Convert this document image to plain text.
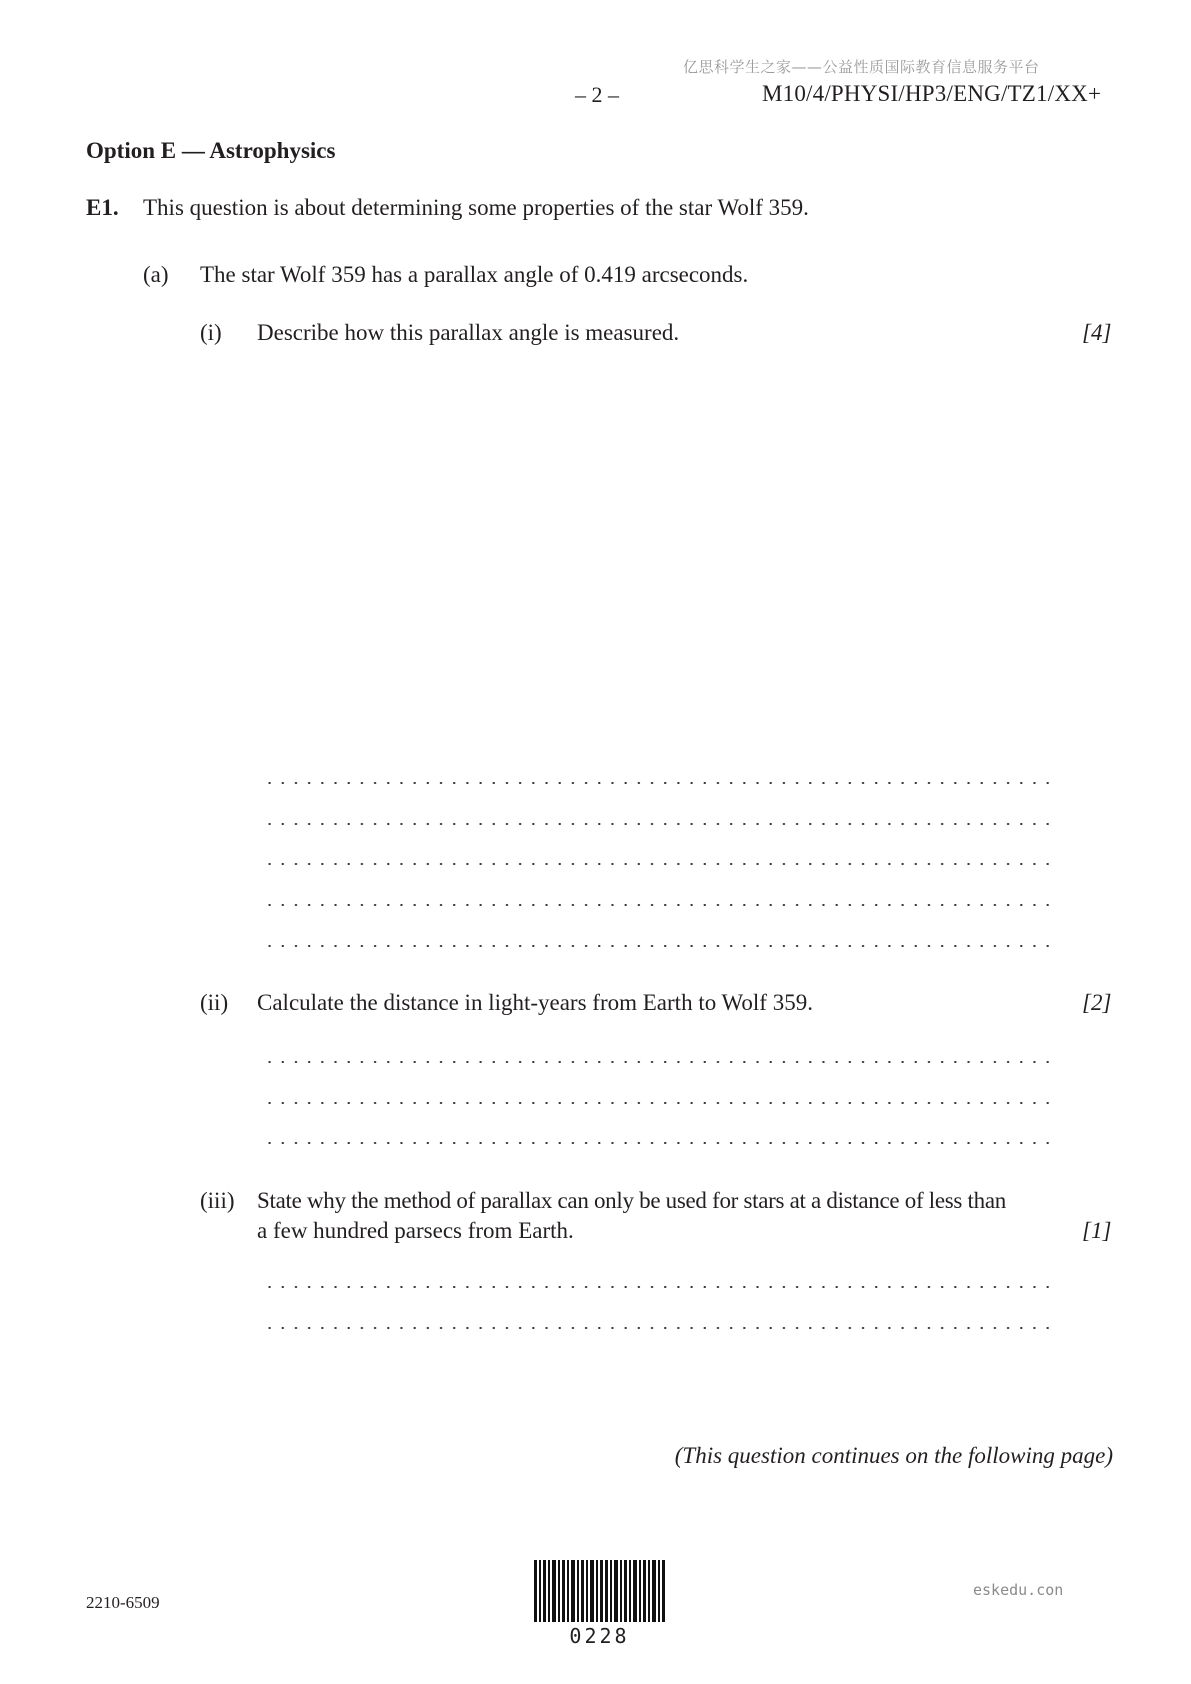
亿思科学生之家——公益性质国际教育信息服务平台
– 2 –	M10/4/PHYSI/HP3/ENG/TZ1/XX+
Option E — Astrophysics
E1. This question is about determining some properties of the star Wolf 359.
(a) The star Wolf 359 has a parallax angle of 0.419 arcseconds.
(i) Describe how this parallax angle is measured.	[4]
(ii) Calculate the distance in light-years from Earth to Wolf 359.	[2]
(iii) State why the method of parallax can only be used for stars at a distance of less than
a few hundred parsecs from Earth.	[1]
(This question continues on the following page)
2210-6509
0228
eskedu.con
